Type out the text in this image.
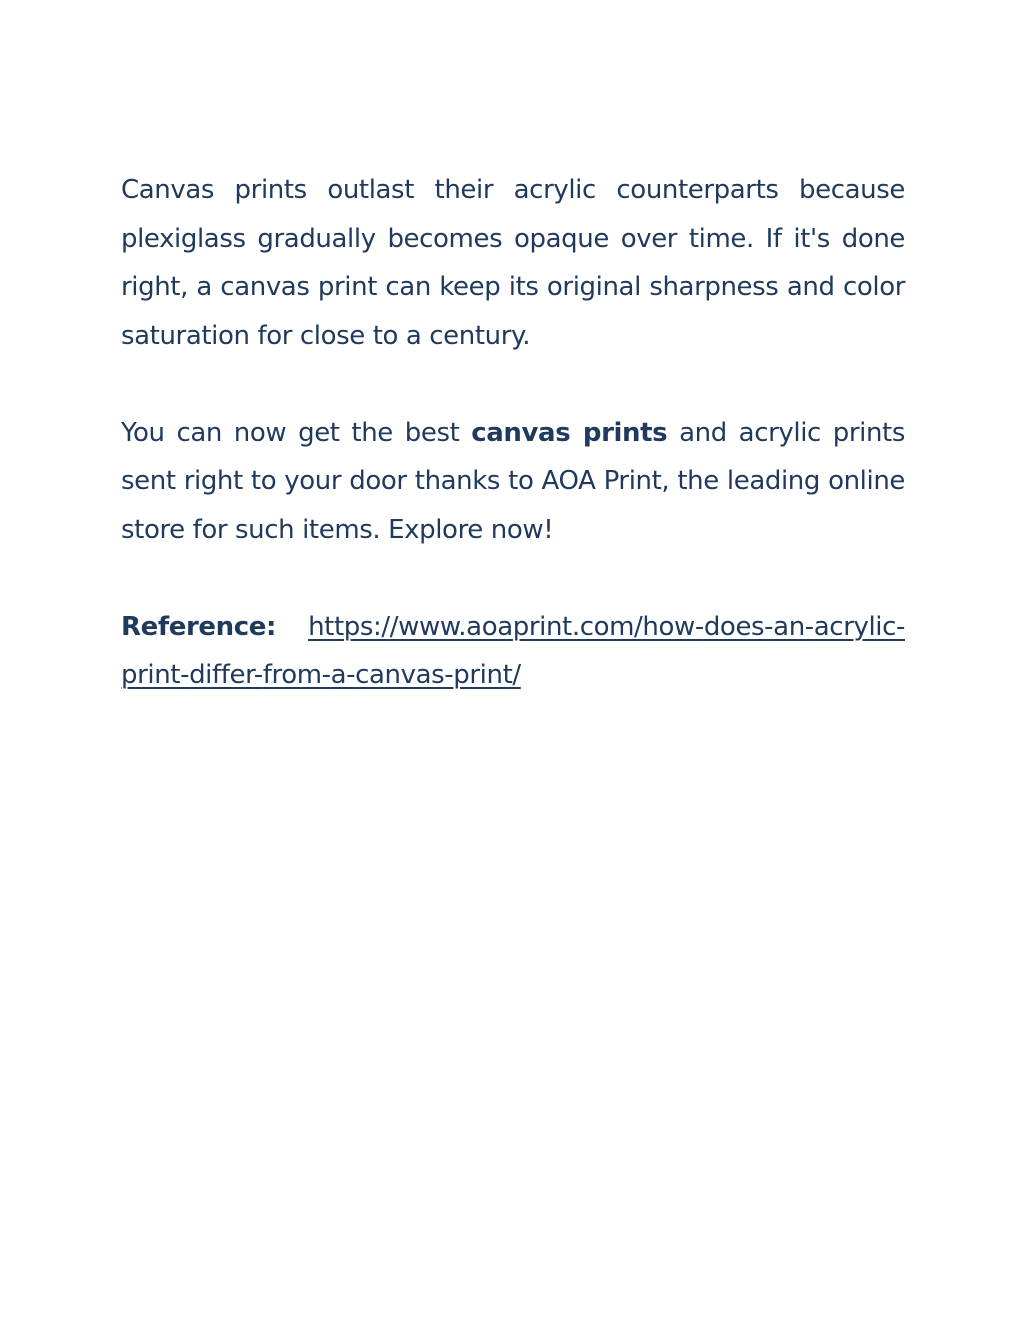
Canvas prints outlast their acrylic counterparts because plexiglass gradually becomes opaque over time. If it's done right, a canvas print can keep its original sharpness and color saturation for close to a century.

You can now get the best canvas prints and acrylic prints sent right to your door thanks to AOA Print, the leading online store for such items. Explore now!

Reference: https://www.aoaprint.com/how-does-an-acrylic-print-differ-from-a-canvas-print/
